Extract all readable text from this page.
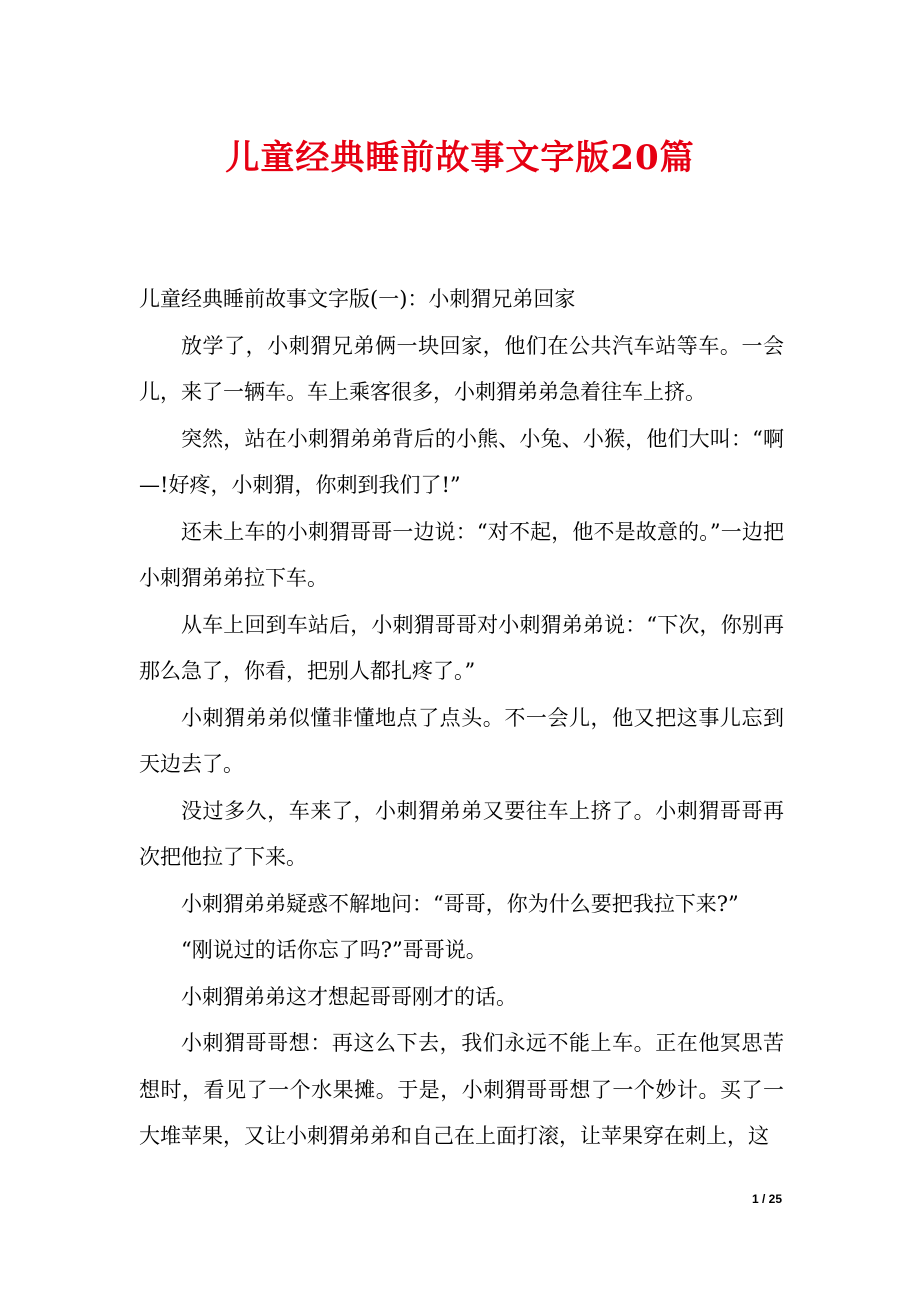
儿童经典睡前故事文字版20篇

儿童经典睡前故事文字版(一)：小刺猬兄弟回家

放学了，小刺猬兄弟俩一块回家，他们在公共汽车站等车。一会儿，来了一辆车。车上乘客很多，小刺猬弟弟急着往车上挤。

突然，站在小刺猬弟弟背后的小熊、小兔、小猴，他们大叫：“啊—!好疼，小刺猬，你刺到我们了!”

还未上车的小刺猬哥哥一边说：“对不起，他不是故意的。”一边把小刺猬弟弟拉下车。

从车上回到车站后，小刺猬哥哥对小刺猬弟弟说：“下次，你别再那么急了，你看，把别人都扎疼了。”

小刺猬弟弟似懂非懂地点了点头。不一会儿，他又把这事儿忘到天边去了。

没过多久，车来了，小刺猬弟弟又要往车上挤了。小刺猬哥哥再次把他拉了下来。

小刺猬弟弟疑惑不解地问：“哥哥，你为什么要把我拉下来?”

“刚说过的话你忘了吗?”哥哥说。

小刺猬弟弟这才想起哥哥刚才的话。

小刺猬哥哥想：再这么下去，我们永远不能上车。正在他冥思苦想时，看见了一个水果摊。于是，小刺猬哥哥想了一个妙计。买了一大堆苹果，又让小刺猬弟弟和自己在上面打滚，让苹果穿在刺上，这

1 / 25
